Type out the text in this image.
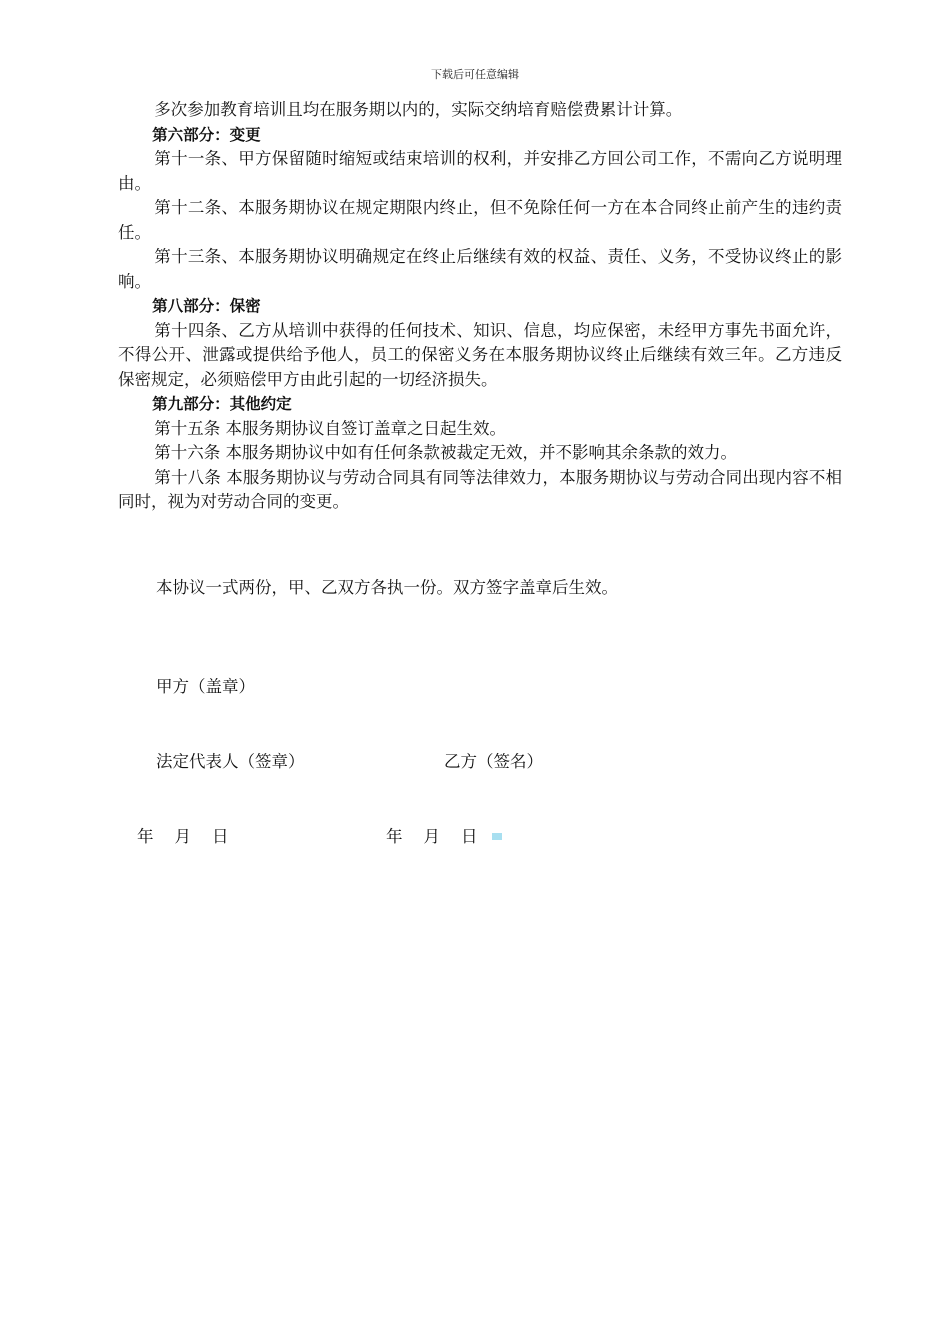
下载后可任意编辑

多次参加教育培训且均在服务期以内的，实际交纳培育赔偿费累计计算。

第六部分：变更

第十一条、甲方保留随时缩短或结束培训的权利，并安排乙方回公司工作，不需向乙方说明理由。

第十二条、本服务期协议在规定期限内终止，但不免除任何一方在本合同终止前产生的违约责任。

第十三条、本服务期协议明确规定在终止后继续有效的权益、责任、义务，不受协议终止的影响。

第八部分：保密

第十四条、乙方从培训中获得的任何技术、知识、信息，均应保密，未经甲方事先书面允许，不得公开、泄露或提供给予他人，员工的保密义务在本服务期协议终止后继续有效三年。乙方违反保密规定，必须赔偿甲方由此引起的一切经济损失。

第九部分：其他约定

第十五条 本服务期协议自签订盖章之日起生效。

第十六条 本服务期协议中如有任何条款被裁定无效，并不影响其余条款的效力。

第十八条 本服务期协议与劳动合同具有同等法律效力，本服务期协议与劳动合同出现内容不相同时，视为对劳动合同的变更。

本协议一式两份，甲、乙双方各执一份。双方签字盖章后生效。
甲方（盖章）
法定代表人（签章）	乙方（签名）
年    月    日	年    月    日
